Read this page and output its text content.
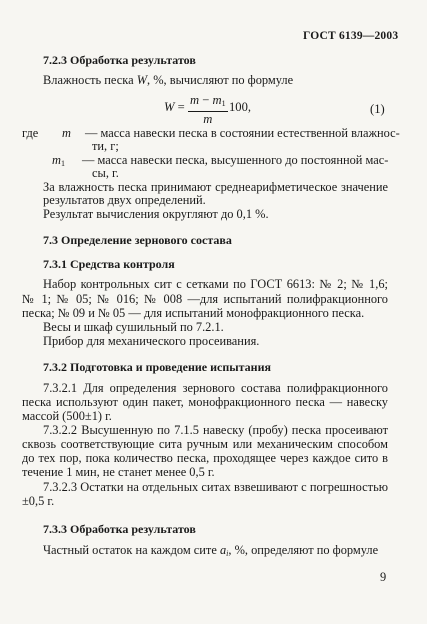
ГОСТ 6139—2003
7.2.3 Обработка результатов
Влажность песка W, %, вычисляют по формуле
$W = \frac{m - m_1}{m} 100$,	(1)
где m — масса навески песка в состоянии естественной влажнос-
ти, г;
$m_1$ — масса навески песка, высушенного до постоянной мас-
сы, г.
За влажность песка принимают среднеарифметическое значение
результатов двух определений.
Результат вычисления округляют до 0,1 %.
7.3 Определение зернового состава
7.3.1 Средства контроля
Набор контрольных сит с сетками по ГОСТ 6613: № 2; № 1,6;
№ 1; № 05; № 016; № 008 —для испытаний полифракционного
песка; № 09 и № 05 — для испытаний монофракционного песка.
Весы и шкаф сушильный по 7.2.1.
Прибор для механического просеивания.
7.3.2 Подготовка и проведение испытания
7.3.2.1 Для определения зернового состава полифракционного
песка используют один пакет, монофракционного песка — навеску
массой (500±1) г.
7.3.2.2 Высушенную по 7.1.5 навеску (пробу) песка просеивают
сквозь соответствующие сита ручным или механическим способом
до тех пор, пока количество песка, проходящее через каждое сито в
течение 1 мин, не станет менее 0,5 г.
7.3.2.3 Остатки на отдельных ситах взвешивают с погрешностью
±0,5 г.
7.3.3 Обработка результатов
Частный остаток на каждом сите $a_i$, %, определяют по формуле
9
